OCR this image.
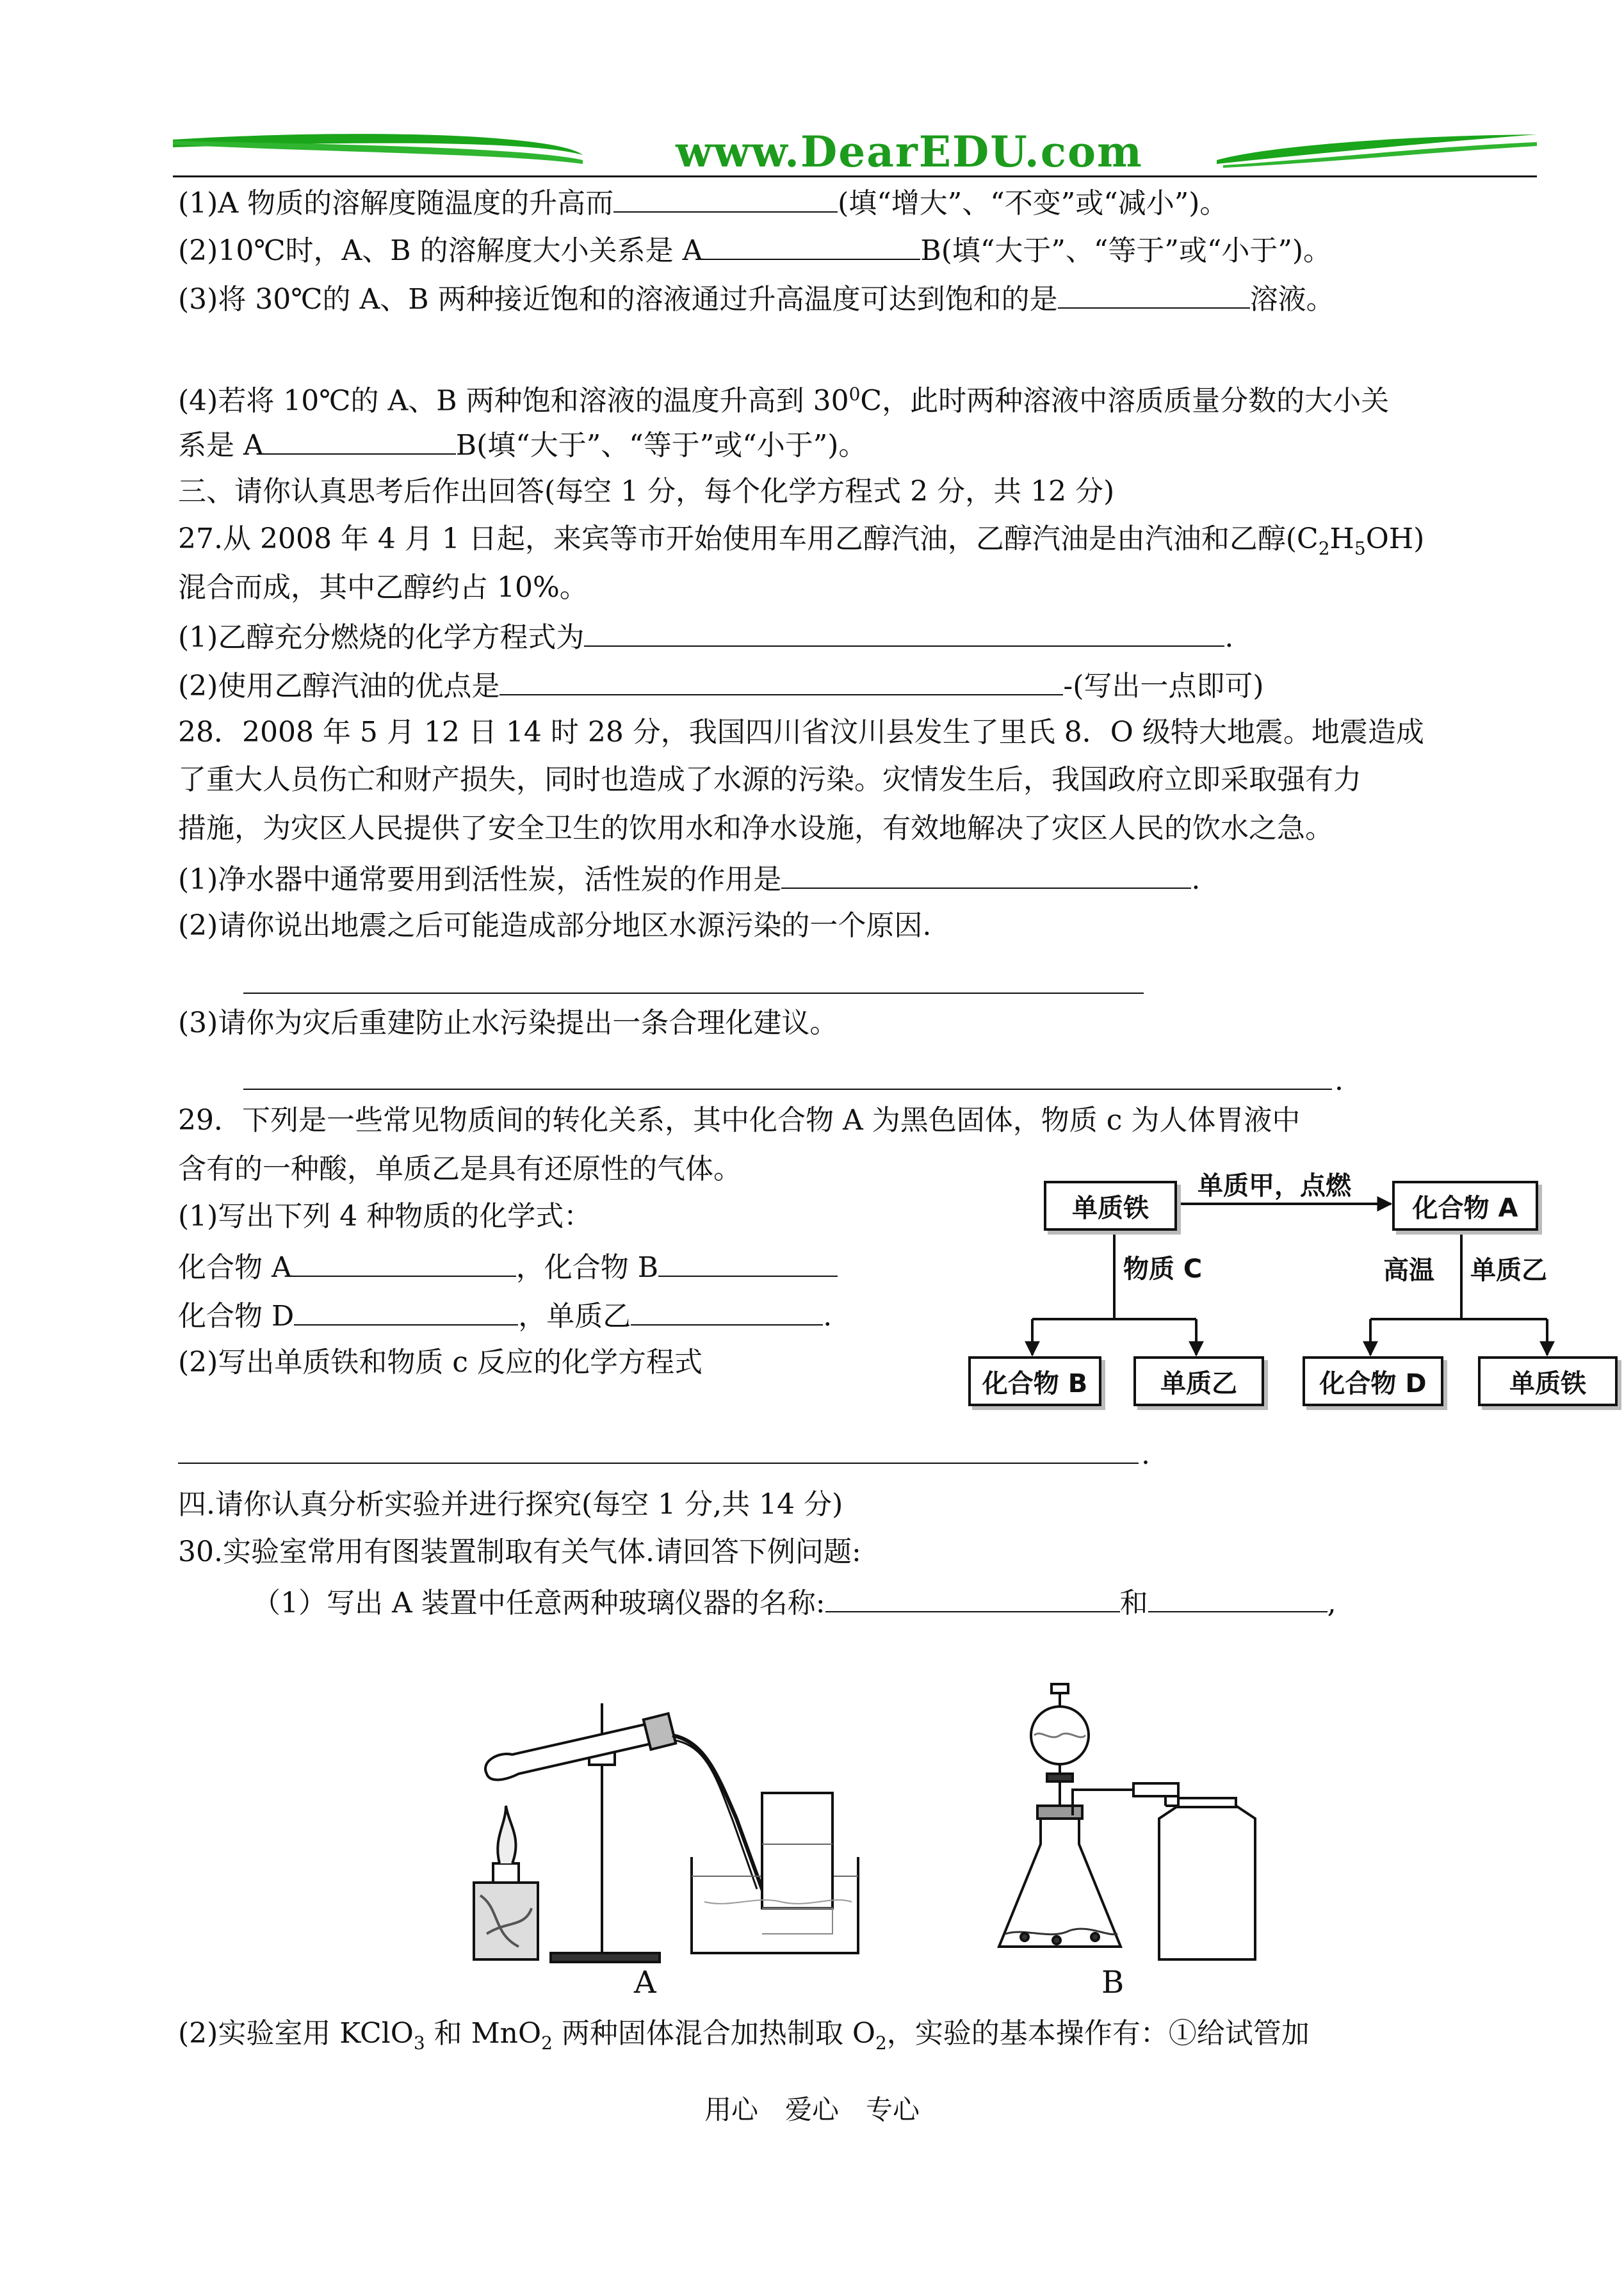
www.DearEDU.com
(1)A 物质的溶解度随温度的升高而	(填“增大”、“不变”或“减小”)。
(2)10℃时，A、B 的溶解度大小关系是 A	B(填“大于”、“等于”或“小于”)。
(3)将 30℃的 A、B 两种接近饱和的溶液通过升高温度可达到饱和的是	溶液。
(4)若将 10℃的 A、B 两种饱和溶液的温度升高到 $30^0C$，此时两种溶液中溶质质量分数的大小关
系是 A	B(填“大于”、“等于”或“小于”)。
三、请你认真思考后作出回答(每空 1 分，每个化学方程式 2 分，共 12 分)
27.从 2008 年 4 月 1 日起，来宾等市开始使用车用乙醇汽油，乙醇汽油是由汽油和乙醇$(C_2H_5OH)$
混合而成，其中乙醇约占 10%。
(1)乙醇充分燃烧的化学方程式为	.
(2)使用乙醇汽油的优点是	-(写出一点即可)
28．2008 年 5 月 12 日 14 时 28 分，我国四川省汶川县发生了里氏 8．O 级特大地震。地震造成
了重大人员伤亡和财产损失，同时也造成了水源的污染。灾情发生后，我国政府立即采取强有力
措施，为灾区人民提供了安全卫生的饮用水和净水设施，有效地解决了灾区人民的饮水之急。
(1)净水器中通常要用到活性炭，活性炭的作用是	.
(2)请你说出地震之后可能造成部分地区水源污染的一个原因.
(3)请你为灾后重建防止水污染提出一条合理化建议。
.
29．下列是一些常见物质间的转化关系，其中化合物 A 为黑色固体，物质 c 为人体胃液中
含有的一种酸，单质乙是具有还原性的气体。
(1)写出下列 4 种物质的化学式：
化合物 A	，化合物 B
化合物 D	，单质乙	.
(2)写出单质铁和物质 c 反应的化学方程式
.
单质铁
单质甲，点燃
化合物 A
物质 C	高温 单质乙
化合物 B	单质乙	化合物 D	单质铁
四.请你认真分析实验并进行探究(每空 1 分,共 14 分)
30.实验室常用有图装置制取有关气体.请回答下例问题:
（1）写出 A 装置中任意两种玻璃仪器的名称:	和	,
A	B
(2)实验室用 KClO$_3$ 和 MnO$_2$ 两种固体混合加热制取 $O_2$，实验的基本操作有：①给试管加
用心　爱心　专心
